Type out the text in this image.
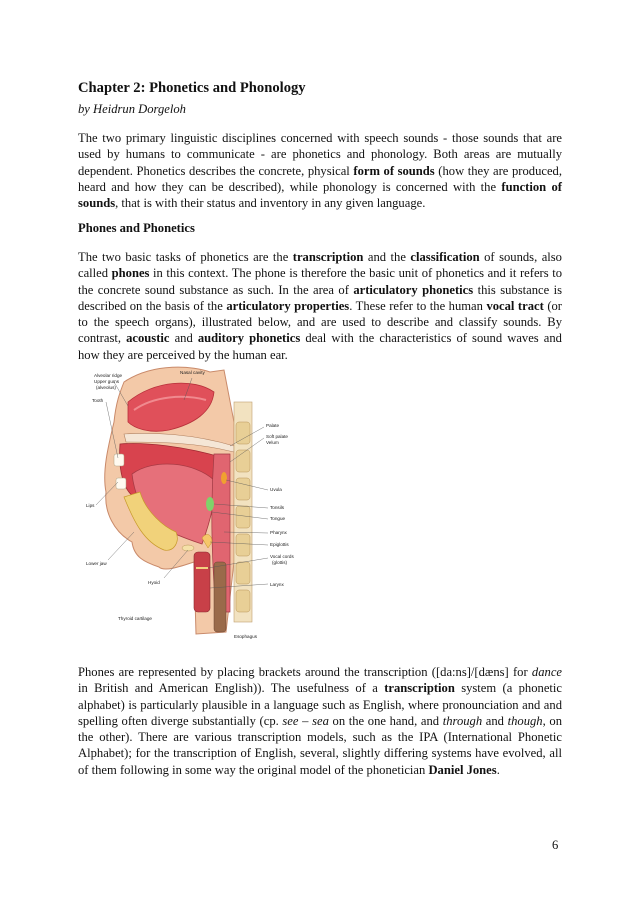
Chapter 2: Phonetics and Phonology
by Heidrun Dorgeloh

The two primary linguistic disciplines concerned with speech sounds - those sounds that are used by humans to communicate - are phonetics and phonology. Both areas are mutually dependent. Phonetics describes the concrete, physical form of sounds (how they are produced, heard and how they can be described), while phonology is concerned with the function of sounds, that is with their status and inventory in any given language.

Phones and Phonetics

The two basic tasks of phonetics are the transcription and the classification of sounds, also called phones in this context. The phone is therefore the basic unit of phonetics and it refers to the concrete sound substance as such. In the area of articulatory phonetics this substance is described on the basis of the articulatory properties. These refer to the human vocal tract (or to the speech organs), illustrated below, and are used to describe and classify sounds. By contrast, acoustic and auditory phonetics deal with the characteristics of sound waves and how they are perceived by the human ear.

Alveolar ridge
Upper gums
(alveolus)
Tooth
Lips
Lower jaw
Hyoid
Thyroid cartilage
Nasal cavity
Palate
Soft palate
Velum
Uvula
Tonsils
Tongue
Pharynx
Epiglottis
Vocal cords
(glottis)
Larynx
Esophagus

Phones are represented by placing brackets around the transcription ([da:ns]/[dæns] for dance in British and American English)). The usefulness of a transcription system (a phonetic alphabet) is particularly plausible in a language such as English, where pronounciation and and spelling often diverge substantially (cp. see – sea on the one hand, and through and though, on the other). There are various transcription models, such as the IPA (International Phonetic Alphabet); for the transcription of English, several, slightly differing systems have evolved, all of them following in some way the original model of the phonetician Daniel Jones.

6
